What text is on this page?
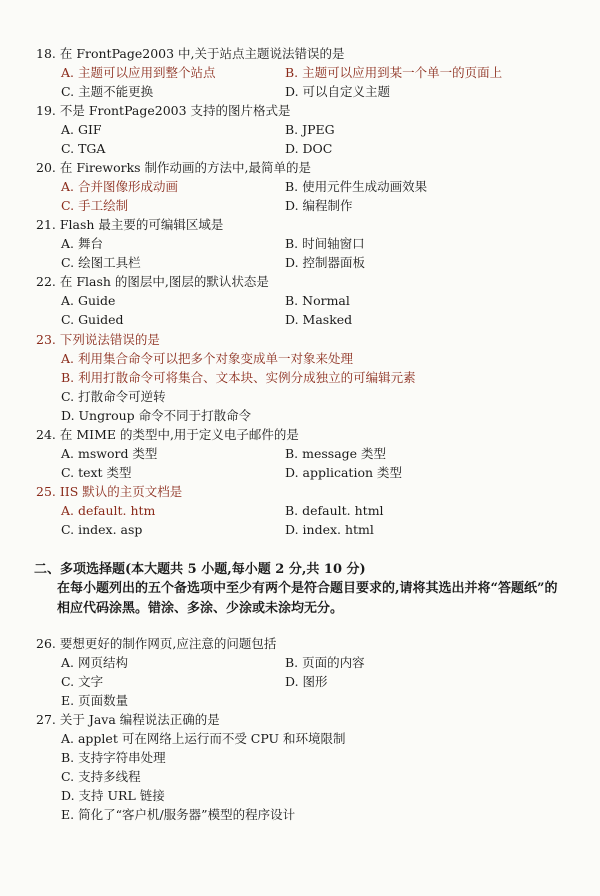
18. 在 FrontPage2003 中,关于站点主题说法错误的是
A. 主题可以应用到整个站点	B. 主题可以应用到某一个单一的页面上
C. 主题不能更换	D. 可以自定义主题
19. 不是 FrontPage2003 支持的图片格式是
A. GIF	B. JPEG
C. TGA	D. DOC
20. 在 Fireworks 制作动画的方法中,最简单的是
A. 合并图像形成动画	B. 使用元件生成动画效果
C. 手工绘制	D. 编程制作
21. Flash 最主要的可编辑区域是
A. 舞台	B. 时间轴窗口
C. 绘图工具栏	D. 控制器面板
22. 在 Flash 的图层中,图层的默认状态是
A. Guide	B. Normal
C. Guided	D. Masked
23. 下列说法错误的是
A. 利用集合命令可以把多个对象变成单一对象来处理
B. 利用打散命令可将集合、文本块、实例分成独立的可编辑元素
C. 打散命令可逆转
D. Ungroup 命令不同于打散命令
24. 在 MIME 的类型中,用于定义电子邮件的是
A. msword 类型	B. message 类型
C. text 类型	D. application 类型
25. IIS 默认的主页文档是
A. default. htm	B. default. html
C. index. asp	D. index. html
二、多项选择题(本大题共 5 小题,每小题 2 分,共 10 分)
在每小题列出的五个备选项中至少有两个是符合题目要求的,请将其选出并将“答题纸”的相应代码涂黑。错涂、多涂、少涂或未涂均无分。
26. 要想更好的制作网页,应注意的问题包括
A. 网页结构	B. 页面的内容
C. 文字	D. 图形
E. 页面数量
27. 关于 Java 编程说法正确的是
A. applet 可在网络上运行而不受 CPU 和环境限制
B. 支持字符串处理
C. 支持多线程
D. 支持 URL 链接
E. 简化了“客户机/服务器”模型的程序设计
